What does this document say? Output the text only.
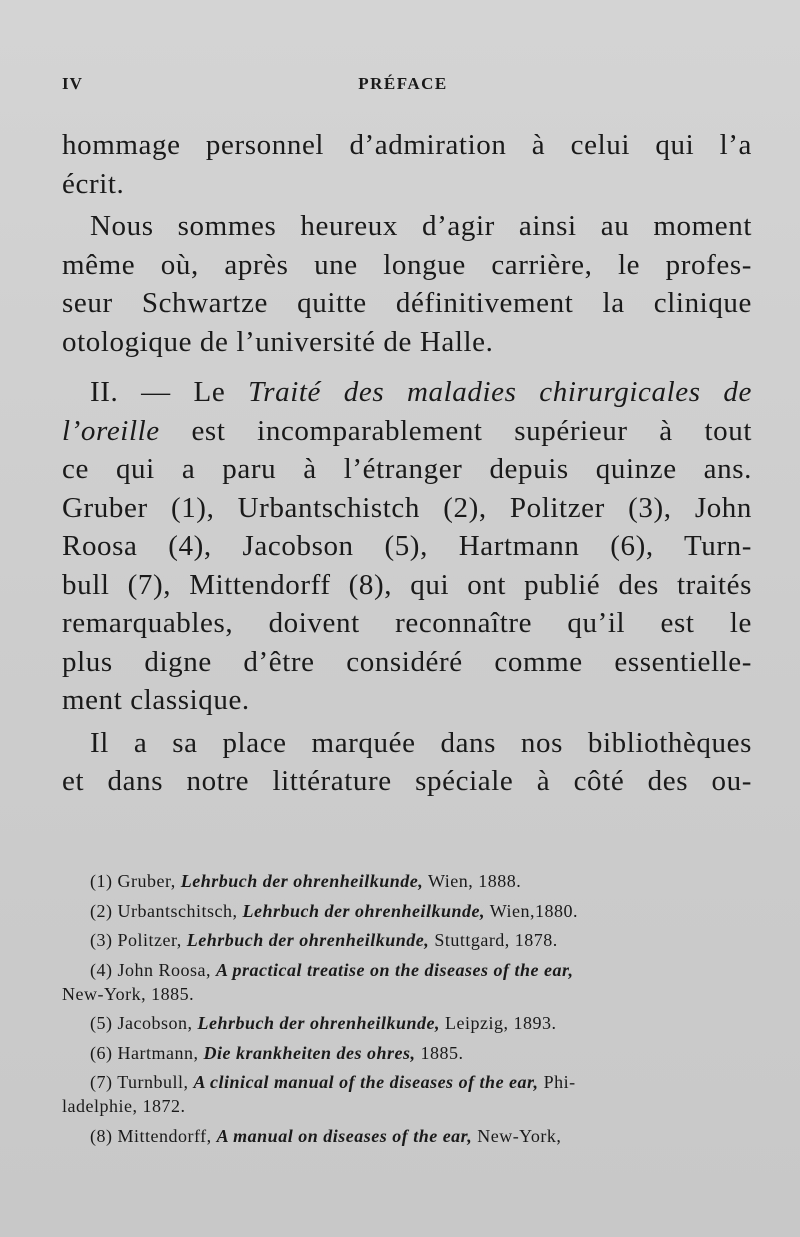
IV	PRÉFACE

hommage personnel d’admiration à celui qui l’a
écrit.

Nous sommes heureux d’agir ainsi au moment
même où, après une longue carrière, le profes-
seur Schwartze quitte définitivement la clinique
otologique de l’université de Halle.

II. — Le Traité des maladies chirurgicales de
l’oreille est incomparablement supérieur à tout
ce qui a paru à l’étranger depuis quinze ans.
Gruber (1), Urbantschistch (2), Politzer (3), John
Roosa (4), Jacobson (5), Hartmann (6), Turn-
bull (7), Mittendorff (8), qui ont publié des traités
remarquables, doivent reconnaître qu’il est le
plus digne d’être considéré comme essentielle-
ment classique.

Il a sa place marquée dans nos bibliothèques
et dans notre littérature spéciale à côté des ou-

(1) Gruber, Lehrbuch der ohrenheilkunde, Wien, 1888.

(2) Urbantschitsch, Lehrbuch der ohrenheilkunde, Wien,1880.

(3) Politzer, Lehrbuch der ohrenheilkunde, Stuttgard, 1878.

(4) John Roosa, A practical treatise on the diseases of the ear,

New-York, 1885.

(5) Jacobson, Lehrbuch der ohrenheilkunde, Leipzig, 1893.

(6) Hartmann, Die krankheiten des ohres, 1885.

(7) Turnbull, A clinical manual of the diseases of the ear, Phi-

ladelphie, 1872.

(8) Mittendorff, A manual on diseases of the ear, New-York,
